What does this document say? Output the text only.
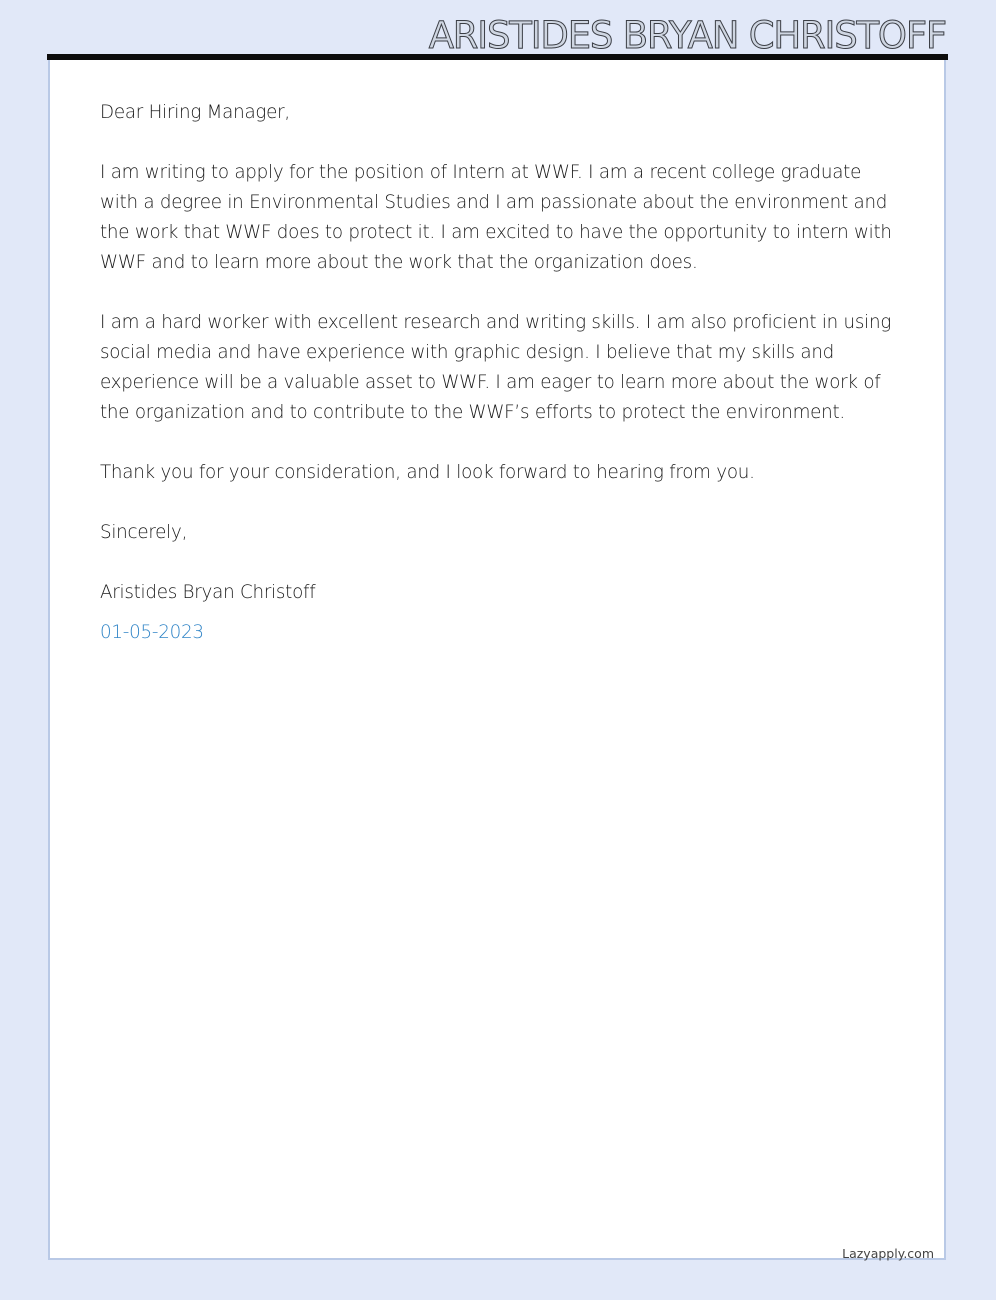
ARISTIDES BRYAN CHRISTOFF

Dear Hiring Manager,

I am writing to apply for the position of Intern at WWF. I am a recent college graduate with a degree in Environmental Studies and I am passionate about the environment and the work that WWF does to protect it. I am excited to have the opportunity to intern with WWF and to learn more about the work that the organization does.

I am a hard worker with excellent research and writing skills. I am also proficient in using social media and have experience with graphic design. I believe that my skills and experience will be a valuable asset to WWF. I am eager to learn more about the work of the organization and to contribute to the WWF’s efforts to protect the environment.

Thank you for your consideration, and I look forward to hearing from you.

Sincerely,

Aristides Bryan Christoff

01-05-2023

Lazyapply.com
